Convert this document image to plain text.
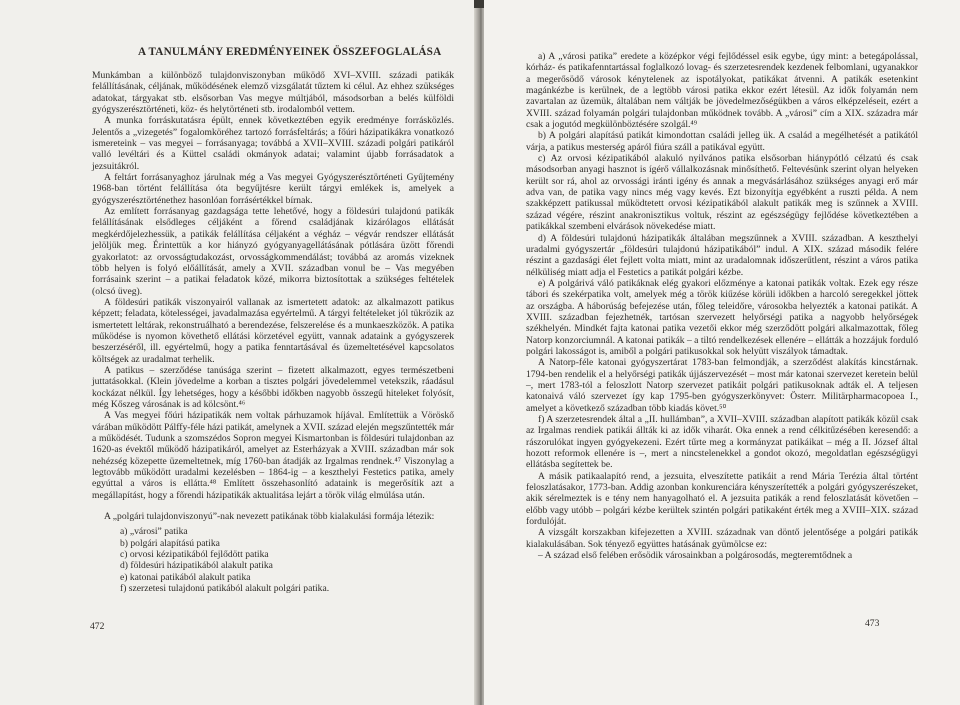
A TANULMÁNY EREDMÉNYEINEK ÖSSZEFOGLALÁSA

Munkámban a különböző tulajdonviszonyban működő XVI–XVIII. századi patikák felállításának, céljának, működésének elemző vizsgálatát tűztem ki célul. Az ehhez szükséges adatokat, tárgyakat stb. elsősorban Vas megye múltjából, másodsorban a belés külföldi gyógyszerésztörténeti, köz- és helytörténeti stb. irodalomból vettem.

A munka forráskutatásra épült, ennek következtében egyik eredménye forrásközlés. Jelentős a „vizegetés” fogalomköréhez tartozó forrásfeltárás; a főúri házipatikákra vonatkozó ismereteink – vas megyei – forrásanyaga; továbbá a XVII–XVIII. századi polgári patikáról valló levéltári és a Küttel családi okmányok adatai; valamint újabb forrásadatok a jezsuitákról.

A feltárt forrásanyaghoz járulnak még a Vas megyei Gyógyszerésztörténeti Gyűjtemény 1968-ban történt felállítása óta begyűjtésre került tárgyi emlékek is, amelyek a gyógyszerésztörténethez hasonlóan forrásértékkel bírnak.

Az említett forrásanyag gazdagsága tette lehetővé, hogy a földesúri tulajdonú patikák felállításának elsődleges céljáként a főrend családjának kizárólagos ellátását megkérdőjelezhessük, a patikák felállítása céljaként a végház – végvár rendszer ellátását jelöljük meg. Érintettük a kor hiányzó gyógyanyagellátásának pótlására üzött főrendi gyakorlatot: az orvosságtudakozást, orvosságkommendálást; továbbá az aromás vizeknek több helyen is folyó előállítását, amely a XVII. században vonul be – Vas megyében forrásaink szerint – a patikai feladatok közé, mikorra biztosítottak a szükséges feltételek (olcsó üveg).

A földesúri patikák viszonyairól vallanak az ismertetett adatok: az alkalmazott patikus képzett; feladata, kötelességei, javadalmazása egyértelmű. A tárgyi feltételeket jól tükrözik az ismertetett leltárak, rekonstruálható a berendezése, felszerelése és a munkaeszközök. A patika működése is nyomon követhető ellátási körzetével együtt, vannak adataink a gyógyszerek beszerzéséről, ill. egyértelmű, hogy a patika fenntartásával és üzemeltetésével kapcsolatos költségek az uradalmat terhelik.

A patikus – szerződése tanúsága szerint – fizetett alkalmazott, egyes természetbeni juttatásokkal. (Klein jövedelme a korban a tisztes polgári jövedelemmel vetekszik, ráadásul kockázat nélkül. Így lehetséges, hogy a későbbi időkben nagyobb összegű hiteleket folyósít, még Kőszeg városának is ad kölcsönt.⁴⁶

A Vas megyei főúri házipatikák nem voltak párhuzamok híjával. Említettük a Vöröskő várában működött Pálffy-féle házi patikát, amelynek a XVII. század elején megszűntették már a működését. Tudunk a szomszédos Sopron megyei Kismartonban is földesúri tulajdonban az 1620-as évektől működő házipatikáról, amelyet az Esterházyak a XVIII. században már sok nehézség közepette üzemeltetnek, míg 1760-ban átadják az Irgalmas rendnek.⁴⁷ Viszonylag a legtovább működött uradalmi kezelésben – 1864-ig – a keszthelyi Festetics patika, amely egyúttal a város is ellátta.⁴⁸ Említett összehasonlító adataink is megerősítik azt a megállapítást, hogy a főrendi házipatikák aktualitása lejárt a török világ elmúlása után.

A „polgári tulajdonviszonyú”-nak nevezett patikának több kialakulási formája létezik:

a) „városi” patika
b) polgári alapítású patika
c) orvosi kézipatikából fejlődött patika
d) földesúri házipatikából alakult patika
e) katonai patikából alakult patika
f) szerzetesi tulajdonú patikából alakult polgári patika.
472

a) A „városi patika” eredete a középkor végi fejlődéssel esik egybe, úgy mint: a betegápolással, kórház- és patikafenntartással foglalkozó lovag- és szerzetesrendek kezdenek felbomlani, ugyanakkor a megerősödő városok kénytelenek az ispotályokat, patikákat átvenni. A patikák esetenkint magánkézbe is kerülnek, de a legtöbb városi patika ekkor ezért létesül. Az idők folyamán nem zavartalan az üzemük, általában nem váltják be jövedelmezőségükben a város elképzeléseit, ezért a XVIII. század folyamán polgári tulajdonban működnek tovább. A „városi” cím a XIX. századra már csak a jogutód megkülönböztésére szolgál.⁴⁹

b) A polgári alapítású patikát kimondottan családi jelleg ük. A család a megélhetését a patikától várja, a patikus mesterség apáról fiúra száll a patikával együtt.

c) Az orvosi kézipatikából alakuló nyilvános patika elsősorban hiánypótló célzatú és csak másodsorban anyagi hasznot is ígérő vállalkozásnak minősíthető. Feltevésünk szerint olyan helyeken került sor rá, ahol az orvossági iránti igény és annak a megvásárlásához szükséges anyagi erő már adva van, de patika vagy nincs még vagy kevés. Ezt bizonyítja egyébként a ruszti példa. A nem szakképzett patikussal működtetett orvosi kézipatikából alakult patikák meg is szűnnek a XVIII. század végére, részint anakronisztikus voltuk, részint az egészségügy fejlődése következtében a patikákkal szembeni elvárások növekedése miatt.

d) A földesúri tulajdonú házipatikák általában megszűnnek a XVIII. században. A keszthelyi uradalmi gyógyszertár „földesúri tulajdonú házipatikából” indul. A XIX. század második felére részint a gazdasági élet fejlett volta miatt, mint az uradalomnak időszerűtlent, részint a város patika nélküliség miatt adja el Festetics a patikát polgári kézbe.

e) A polgárivá váló patikáknak elég gyakori előzménye a katonai patikák voltak. Ezek egy része tábori és szekérpatika volt, amelyek még a török kiűzése körüli időkben a harcoló seregekkel jöttek az országba. A háborúság befejezése után, főleg teleidőre, városokba helyezték a katonai patikát. A XVIII. században fejezhetnék, tartósan szervezett helyőrségi patika a nagyobb helyőrségek székhelyén. Mindkét fajta katonai patika vezetői ekkor még szerződött polgári alkalmazottak, főleg Natorp konzorciumnál. A katonai patikák – a tiltó rendelkezések ellenére – ellátták a hozzájuk forduló polgári lakosságot is, amiből a polgári patikusokkal sok helyütt viszályok támadtak.

A Natorp-féle katonai gyógyszertárat 1783-ban felmondják, a szerződést alakítás kincstárnak. 1794-ben rendelik el a helyőrségi patikák újjászervezését – most már katonai szervezet keretein belül –, mert 1783-tól a feloszlott Natorp szervezet patikáit polgári patikusoknak adták el. A teljesen katonaivá váló szervezet így kap 1795-ben gyógyszerkönyvet: Österr. Militärpharmacopoea I., amelyet a következő században több kiadás követ.⁵⁰

f) A szerzetesrendek által a „II. hullámban”, a XVII–XVIII. században alapított patikák közül csak az Irgalmas rendiek patikái állták ki az idők viharát. Oka ennek a rend célkitűzésében keresendő: a rászorulókat ingyen gyógyekezeni. Ezért tűrte meg a kormányzat patikáikat – még a II. József által hozott reformok ellenére is –, mert a nincstelenekkel a gondot okozó, megoldatlan egészségügyi ellátásba segítettek be.

A másik patikaalapító rend, a jezsuita, elveszítette patikáit a rend Mária Terézia által történt feloszlatásakor, 1773-ban. Addig azonban konkurenciára kényszerítették a polgári gyógyszerészeket, akik sérelmeztek is e tény nem hanyagolható el. A jezsuita patikák a rend feloszlatását követően – előbb vagy utóbb – polgári kézbe kerültek szintén polgári patikaként érték meg a XVIII–XIX. század fordulóját.

A vizsgált korszakban kifejezetten a XVIII. századnak van döntő jelentősége a polgári patikák kialakulásában. Sok tényező együttes hatásának gyümölcse ez:

– A század első felében erősödik városainkban a polgárosodás, megteremtődnek a

473
